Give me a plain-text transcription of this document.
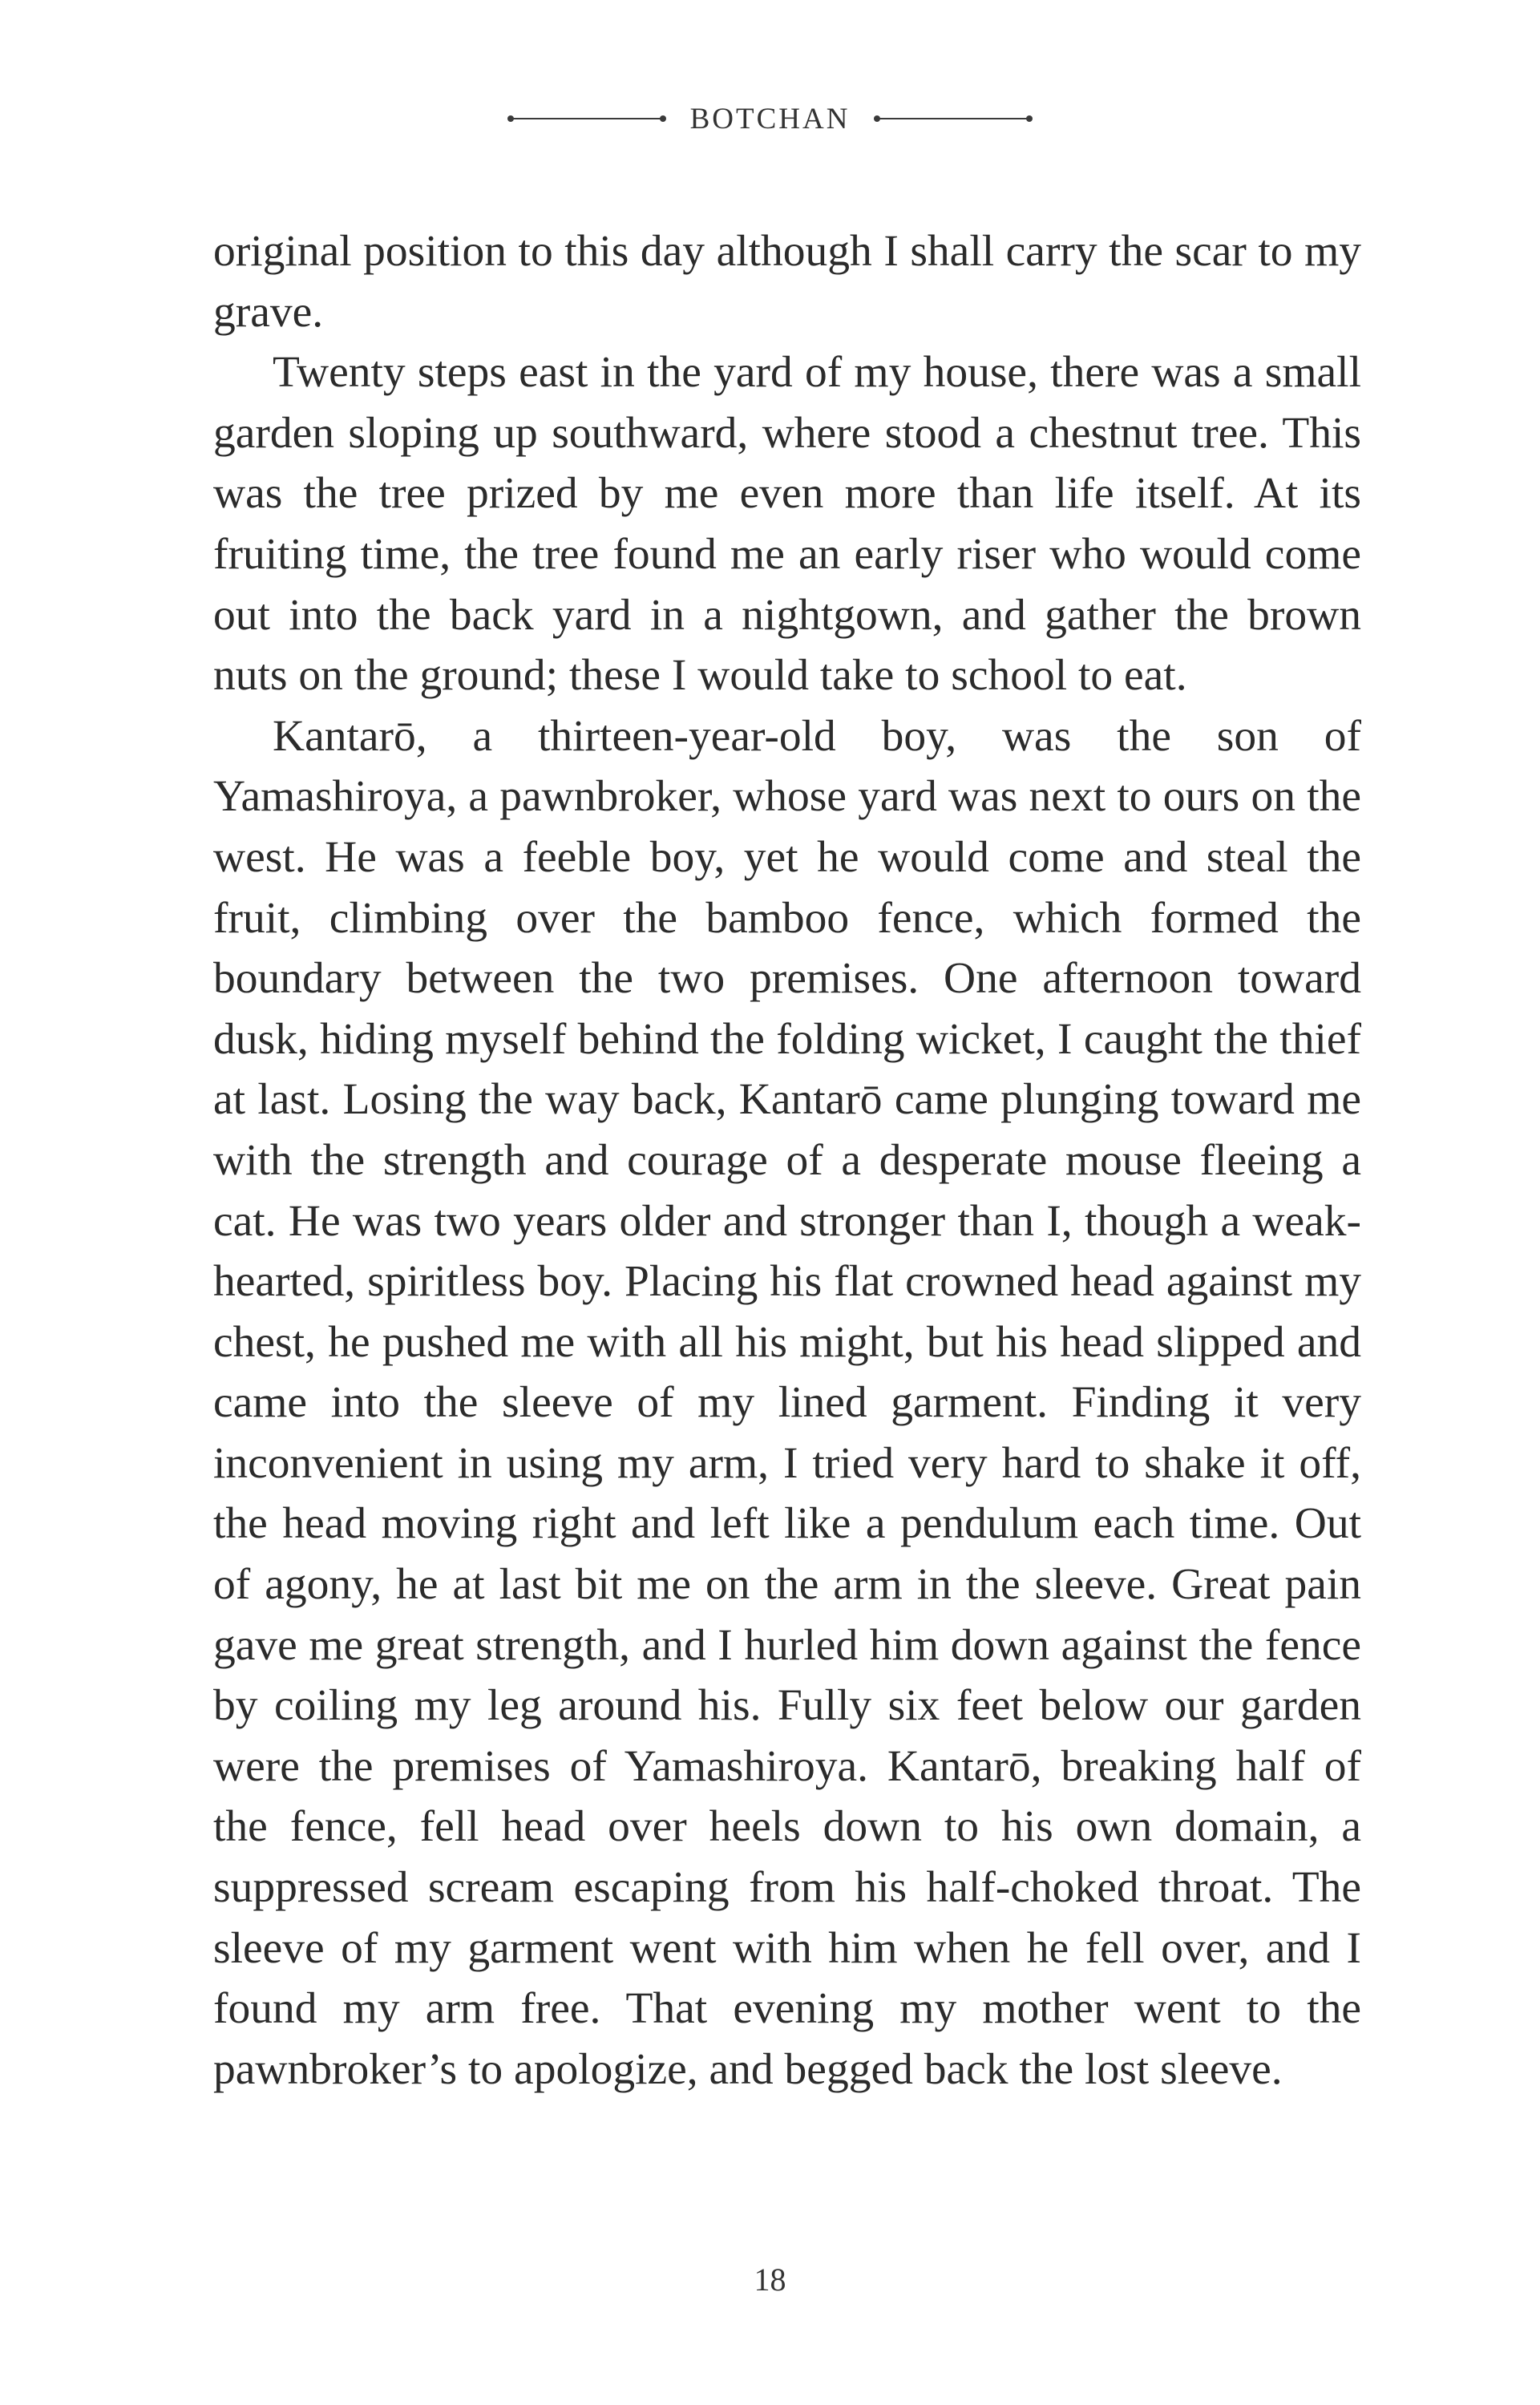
BOTCHAN

original position to this day although I shall carry the scar to my grave.

Twenty steps east in the yard of my house, there was a small garden sloping up southward, where stood a chestnut tree. This was the tree prized by me even more than life itself. At its fruiting time, the tree found me an early riser who would come out into the back yard in a nightgown, and gather the brown nuts on the ground; these I would take to school to eat.

Kantarō, a thirteen-year-old boy, was the son of Yamashiroya, a pawnbroker, whose yard was next to ours on the west. He was a feeble boy, yet he would come and steal the fruit, climbing over the bamboo fence, which formed the boundary between the two premises. One afternoon toward dusk, hiding myself behind the folding wicket, I caught the thief at last. Losing the way back, Kantarō came plunging toward me with the strength and courage of a desperate mouse fleeing a cat. He was two years older and stronger than I, though a weak-hearted, spiritless boy. Placing his flat crowned head against my chest, he pushed me with all his might, but his head slipped and came into the sleeve of my lined garment. Finding it very inconvenient in using my arm, I tried very hard to shake it off, the head moving right and left like a pendulum each time. Out of agony, he at last bit me on the arm in the sleeve. Great pain gave me great strength, and I hurled him down against the fence by coiling my leg around his. Fully six feet below our garden were the premises of Yamashiroya. Kantarō, breaking half of the fence, fell head over heels down to his own domain, a suppressed scream escaping from his half-choked throat. The sleeve of my garment went with him when he fell over, and I found my arm free. That evening my mother went to the pawnbroker’s to apologize, and begged back the lost sleeve.

18
